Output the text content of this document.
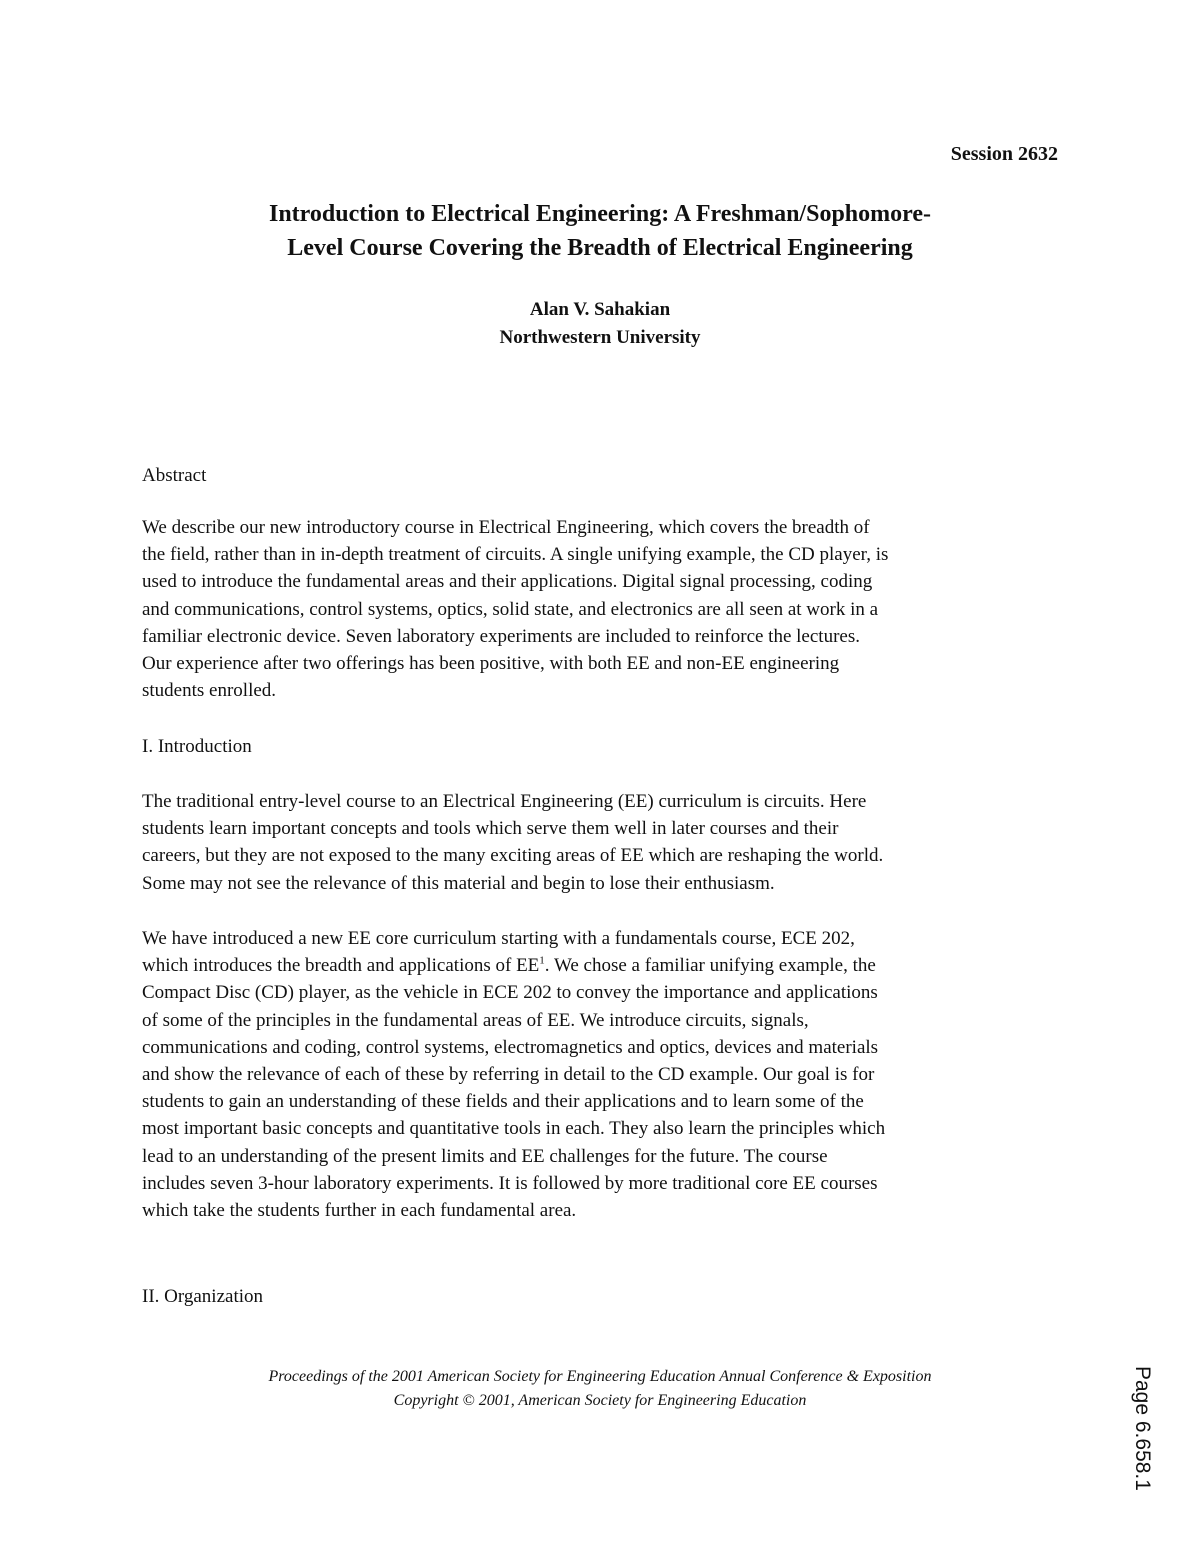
Session 2632
Introduction to Electrical Engineering: A Freshman/Sophomore-
Level Course Covering the Breadth of Electrical Engineering
Alan V. Sahakian
Northwestern University
Abstract
We describe our new introductory course in Electrical Engineering, which covers the breadth of
the field, rather than in in-depth treatment of circuits. A single unifying example, the CD player, is
used to introduce the fundamental areas and their applications. Digital signal processing, coding
and communications, control systems, optics, solid state, and electronics are all seen at work in a
familiar electronic device. Seven laboratory experiments are included to reinforce the lectures.
Our experience after two offerings has been positive, with both EE and non-EE engineering
students enrolled.
I. Introduction
The traditional entry-level course to an Electrical Engineering (EE) curriculum is circuits. Here
students learn important concepts and tools which serve them well in later courses and their
careers, but they are not exposed to the many exciting areas of EE which are reshaping the world.
Some may not see the relevance of this material and begin to lose their enthusiasm.
We have introduced a new EE core curriculum starting with a fundamentals course, ECE 202,
which introduces the breadth and applications of $EE^1$. We chose a familiar unifying example, the
Compact Disc (CD) player, as the vehicle in ECE 202 to convey the importance and applications
of some of the principles in the fundamental areas of EE. We introduce circuits, signals,
communications and coding, control systems, electromagnetics and optics, devices and materials
and show the relevance of each of these by referring in detail to the CD example. Our goal is for
students to gain an understanding of these fields and their applications and to learn some of the
most important basic concepts and quantitative tools in each. They also learn the principles which
lead to an understanding of the present limits and EE challenges for the future. The course
includes seven 3-hour laboratory experiments. It is followed by more traditional core EE courses
which take the students further in each fundamental area.
II. Organization
Proceedings of the 2001 American Society for Engineering Education Annual Conference & Exposition
Copyright © 2001, American Society for Engineering Education	Page 6.658.1
